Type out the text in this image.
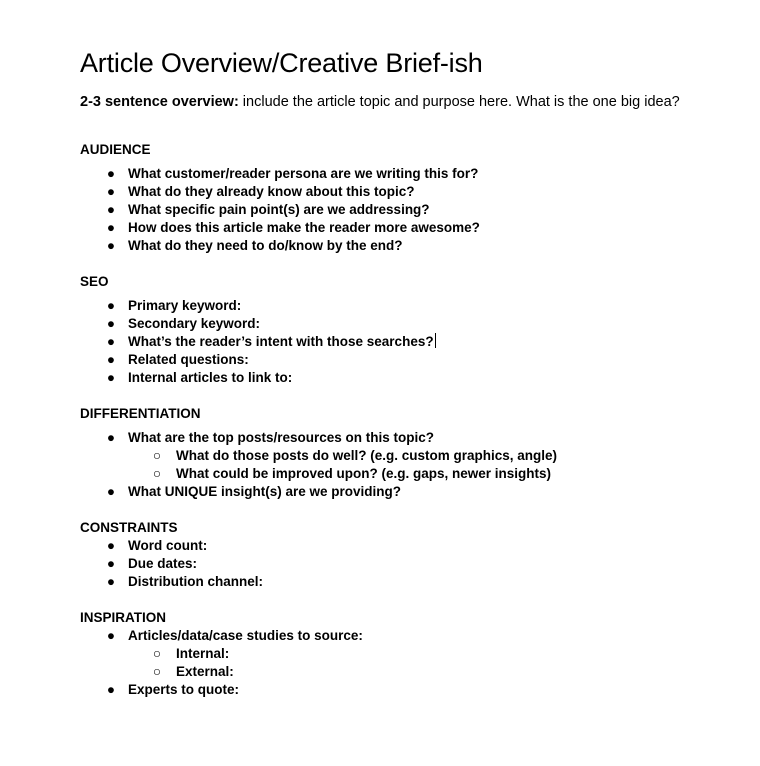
Article Overview/Creative Brief-ish
2-3 sentence overview: include the article topic and purpose here. What is the one big idea?
AUDIENCE
● What customer/reader persona are we writing this for?
● What do they already know about this topic?
● What specific pain point(s) are we addressing?
● How does this article make the reader more awesome?
● What do they need to do/know by the end?
SEO
● Primary keyword:
● Secondary keyword:
● What’s the reader’s intent with those searches?
● Related questions:
● Internal articles to link to:
DIFFERENTIATION
● What are the top posts/resources on this topic?
○ What do those posts do well? (e.g. custom graphics, angle)
○ What could be improved upon? (e.g. gaps, newer insights)
● What UNIQUE insight(s) are we providing?
CONSTRAINTS
● Word count:
● Due dates:
● Distribution channel:
INSPIRATION
● Articles/data/case studies to source:
○ Internal:
○ External:
● Experts to quote:
